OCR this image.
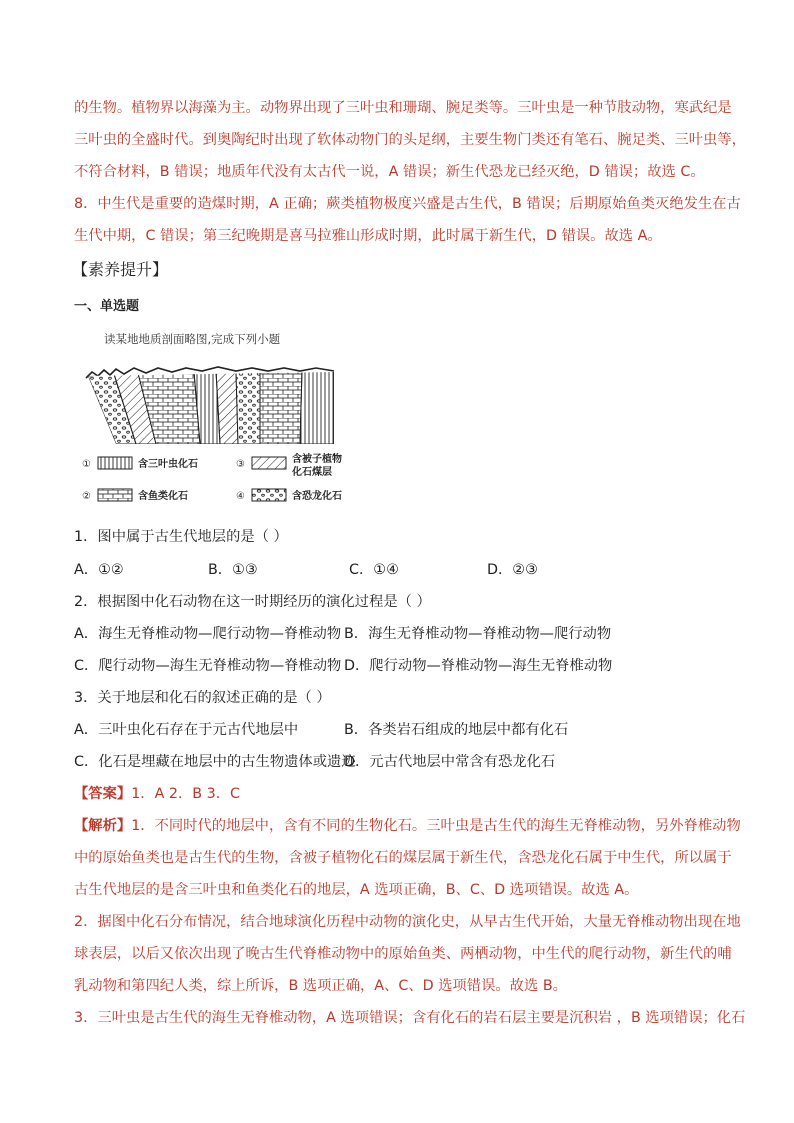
的生物。植物界以海藻为主。动物界出现了三叶虫和珊瑚、腕足类等。三叶虫是一种节肢动物，寒武纪是

三叶虫的全盛时代。到奥陶纪时出现了软体动物门的头足纲，主要生物门类还有笔石、腕足类、三叶虫等，

不符合材料，B 错误；地质年代没有太古代一说，A 错误；新生代恐龙已经灭绝，D 错误；故选 C。

8．中生代是重要的造煤时期，A 正确；蕨类植物极度兴盛是古生代，B 错误；后期原始鱼类灭绝发生在古

生代中期，C 错误；第三纪晚期是喜马拉雅山形成时期，此时属于新生代，D 错误。故选 A。

【素养提升】

一、单选题

读某地地质剖面略图,完成下列小题

①	含三叶虫化石	③	含被子植物
化石煤层
②	含鱼类化石	④	含恐龙化石

1．图中属于古生代地层的是（ ）

A．①②	B．①③	C．①④	D．②③

2．根据图中化石动物在这一时期经历的演化过程是（ ）

A．海生无脊椎动物—爬行动物—脊椎动物 B．海生无脊椎动物—脊椎动物—爬行动物

C．爬行动物—海生无脊椎动物—脊椎动物 D．爬行动物—脊椎动物—海生无脊椎动物

3．关于地层和化石的叙述正确的是（ ）

A．三叶虫化石存在于元古代地层中	B．各类岩石组成的地层中都有化石

C．化石是埋藏在地层中的古生物遗体或遗迹

D．元古代地层中常含有恐龙化石

【答案】1．A 2．B 3．C

【解析】1．不同时代的地层中，含有不同的生物化石。三叶虫是古生代的海生无脊椎动物，另外脊椎动物

中的原始鱼类也是古生代的生物，含被子植物化石的煤层属于新生代，含恐龙化石属于中生代，所以属于

古生代地层的是含三叶虫和鱼类化石的地层，A 选项正确，B、C、D 选项错误。故选 A。

2．据图中化石分布情况，结合地球演化历程中动物的演化史，从早古生代开始，大量无脊椎动物出现在地

球表层，以后又依次出现了晚古生代脊椎动物中的原始鱼类、两栖动物，中生代的爬行动物，新生代的哺

乳动物和第四纪人类，综上所诉，B 选项正确，A、C、D 选项错误。故选 B。

3．三叶虫是古生代的海生无脊椎动物，A 选项错误；含有化石的岩石层主要是沉积岩 ，B 选项错误；化石
